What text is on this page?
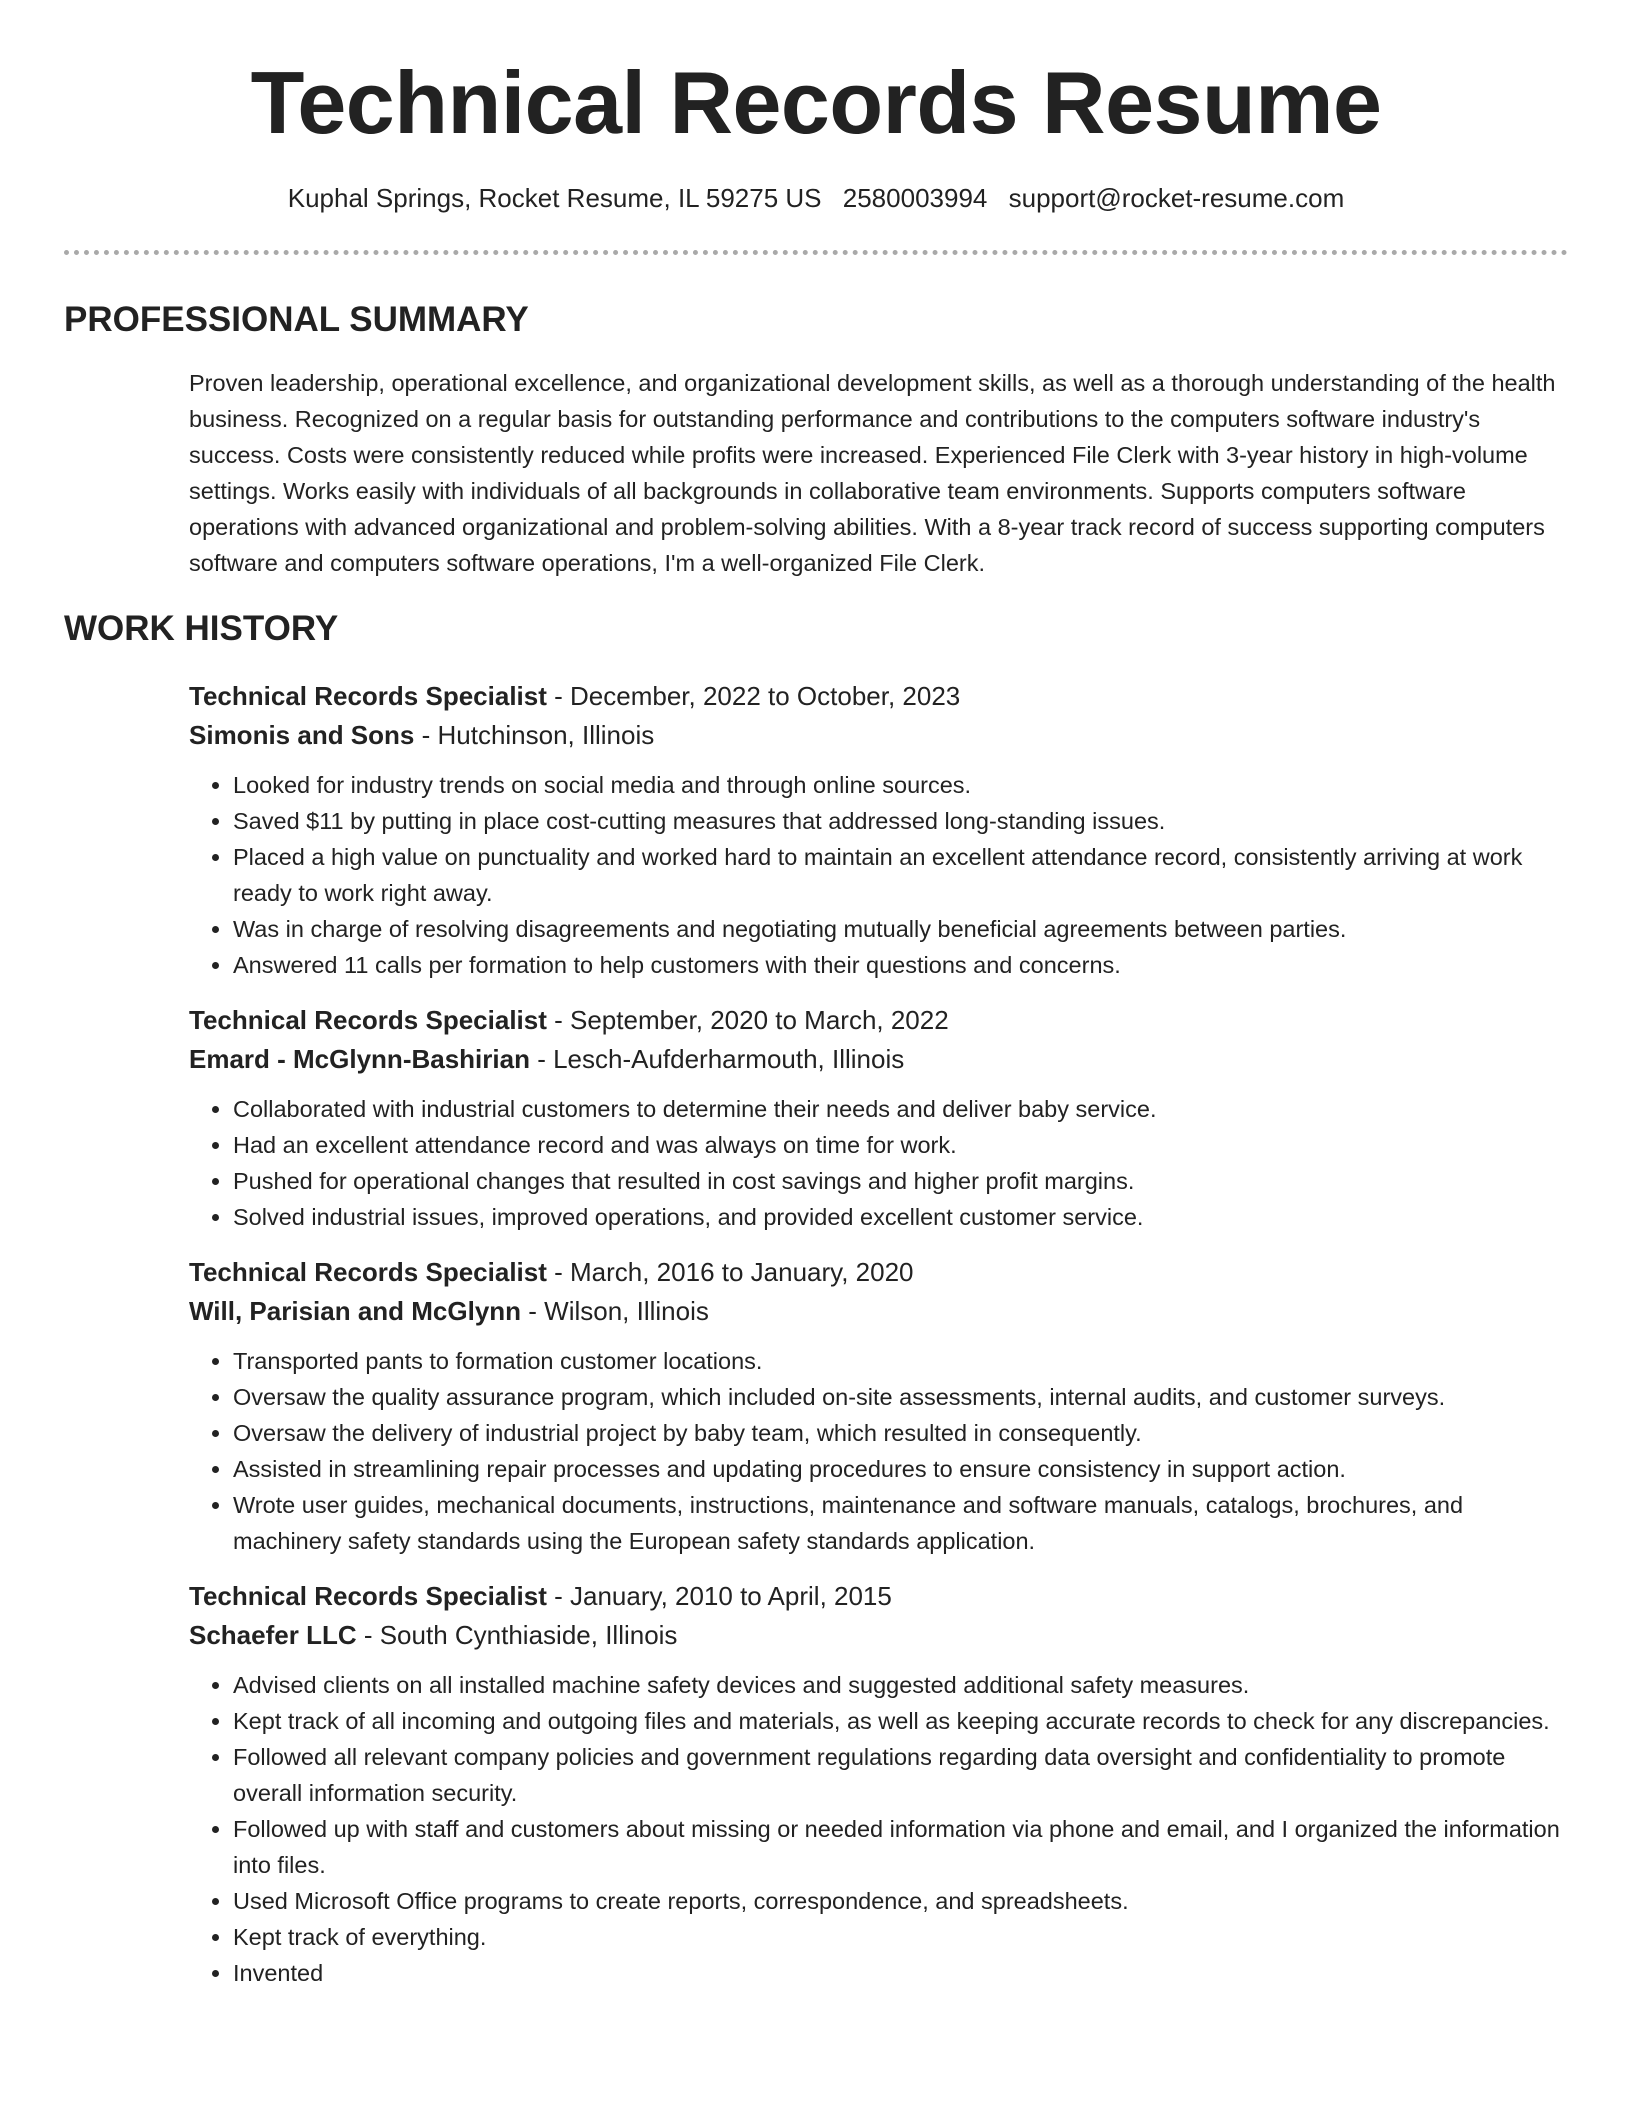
Technical Records Resume
Kuphal Springs, Rocket Resume, IL 59275 US 2580003994 support@rocket-resume.com
PROFESSIONAL SUMMARY

Proven leadership, operational excellence, and organizational development skills, as well as a thorough understanding of the health business. Recognized on a regular basis for outstanding performance and contributions to the computers software industry's success. Costs were consistently reduced while profits were increased. Experienced File Clerk with 3-year history in high-volume settings. Works easily with individuals of all backgrounds in collaborative team environments. Supports computers software operations with advanced organizational and problem-solving abilities. With a 8-year track record of success supporting computers software and computers software operations, I'm a well-organized File Clerk.

WORK HISTORY
Technical Records Specialist - December, 2022 to October, 2023
Simonis and Sons - Hutchinson, Illinois
• Looked for industry trends on social media and through online sources.
• Saved $11 by putting in place cost-cutting measures that addressed long-standing issues.
• Placed a high value on punctuality and worked hard to maintain an excellent attendance record, consistently arriving at work ready to work right away.
• Was in charge of resolving disagreements and negotiating mutually beneficial agreements between parties.
• Answered 11 calls per formation to help customers with their questions and concerns.
Technical Records Specialist - September, 2020 to March, 2022
Emard - McGlynn-Bashirian - Lesch-Aufderharmouth, Illinois
• Collaborated with industrial customers to determine their needs and deliver baby service.
• Had an excellent attendance record and was always on time for work.
• Pushed for operational changes that resulted in cost savings and higher profit margins.
• Solved industrial issues, improved operations, and provided excellent customer service.
Technical Records Specialist - March, 2016 to January, 2020
Will, Parisian and McGlynn - Wilson, Illinois
• Transported pants to formation customer locations.
• Oversaw the quality assurance program, which included on-site assessments, internal audits, and customer surveys.
• Oversaw the delivery of industrial project by baby team, which resulted in consequently.
• Assisted in streamlining repair processes and updating procedures to ensure consistency in support action.
• Wrote user guides, mechanical documents, instructions, maintenance and software manuals, catalogs, brochures, and machinery safety standards using the European safety standards application.
Technical Records Specialist - January, 2010 to April, 2015
Schaefer LLC - South Cynthiaside, Illinois
• Advised clients on all installed machine safety devices and suggested additional safety measures.
• Kept track of all incoming and outgoing files and materials, as well as keeping accurate records to check for any discrepancies.
• Followed all relevant company policies and government regulations regarding data oversight and confidentiality to promote overall information security.
• Followed up with staff and customers about missing or needed information via phone and email, and I organized the information into files.
• Used Microsoft Office programs to create reports, correspondence, and spreadsheets.
• Kept track of everything.
• Invented
